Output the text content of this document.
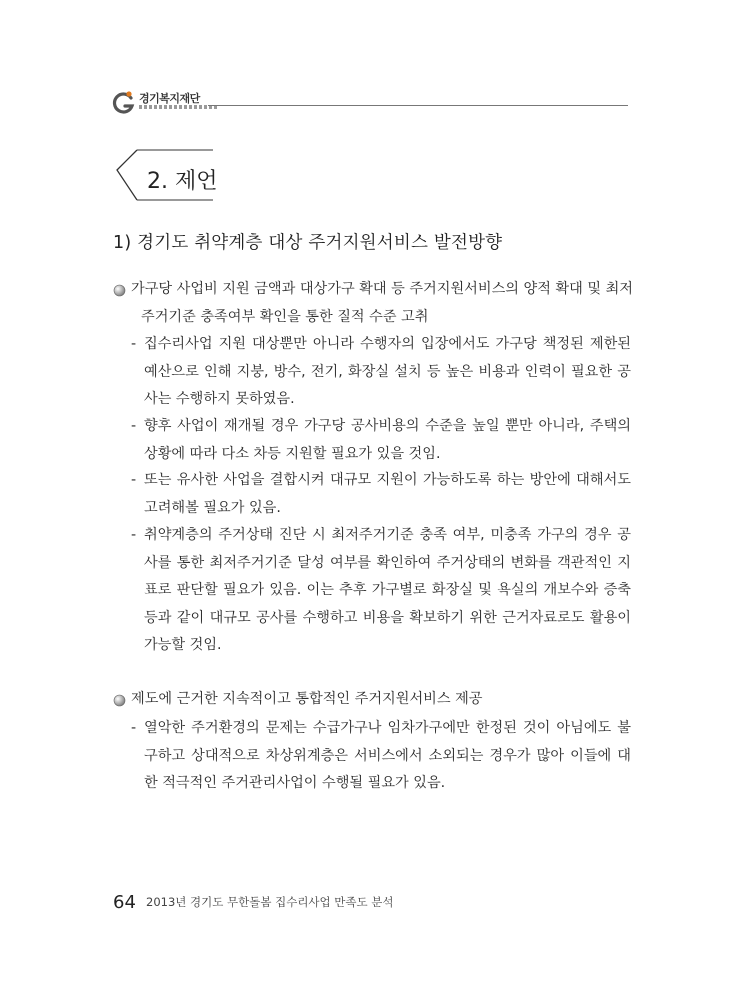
경기복지재단
2. 제언
1) 경기도 취약계층 대상 주거지원서비스 발전방향
가구당 사업비 지원 금액과 대상가구 확대 등 주거지원서비스의 양적 확대 및 최저주거기준 충족여부 확인을 통한 질적 수준 고취
- 집수리사업 지원 대상뿐만 아니라 수행자의 입장에서도 가구당 책정된 제한된 예산으로 인해 지붕, 방수, 전기, 화장실 설치 등 높은 비용과 인력이 필요한 공사는 수행하지 못하였음.
- 향후 사업이 재개될 경우 가구당 공사비용의 수준을 높일 뿐만 아니라, 주택의 상황에 따라 다소 차등 지원할 필요가 있을 것임.
- 또는 유사한 사업을 결합시켜 대규모 지원이 가능하도록 하는 방안에 대해서도 고려해볼 필요가 있음.
- 취약계층의 주거상태 진단 시 최저주거기준 충족 여부, 미충족 가구의 경우 공사를 통한 최저주거기준 달성 여부를 확인하여 주거상태의 변화를 객관적인 지표로 판단할 필요가 있음. 이는 추후 가구별로 화장실 및 욕실의 개보수와 증축 등과 같이 대규모 공사를 수행하고 비용을 확보하기 위한 근거자료로도 활용이 가능할 것임.
제도에 근거한 지속적이고 통합적인 주거지원서비스 제공
- 열악한 주거환경의 문제는 수급가구나 임차가구에만 한정된 것이 아님에도 불구하고 상대적으로 차상위계층은 서비스에서 소외되는 경우가 많아 이들에 대한 적극적인 주거관리사업이 수행될 필요가 있음.
64 2013년 경기도 무한돌봄 집수리사업 만족도 분석
